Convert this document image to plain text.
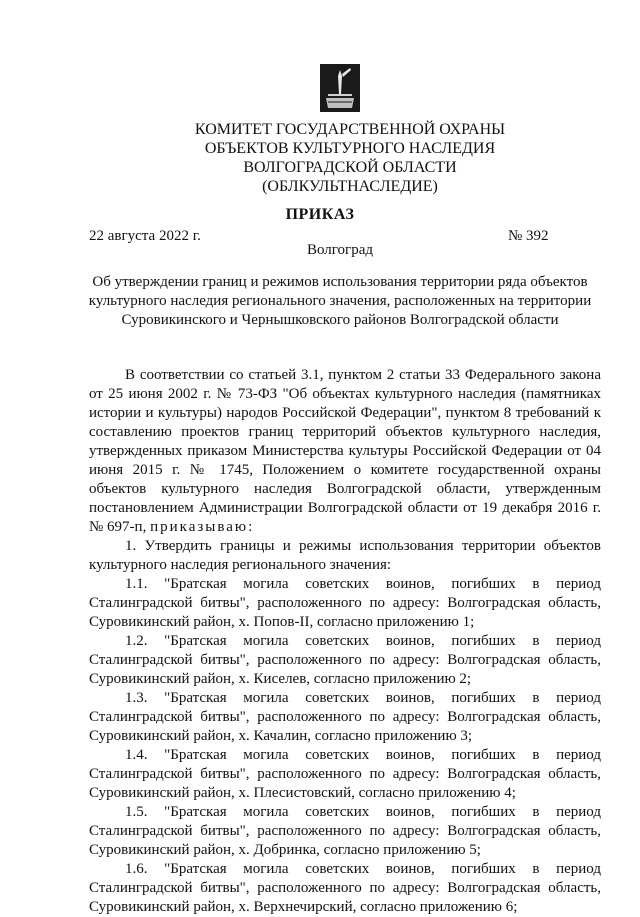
КОМИТЕТ ГОСУДАРСТВЕННОЙ ОХРАНЫ
ОБЪЕКТОВ КУЛЬТУРНОГО НАСЛЕДИЯ
ВОЛГОГРАДСКОЙ ОБЛАСТИ
(ОБЛКУЛЬТНАСЛЕДИЕ)
ПРИКАЗ
22 августа 2022 г.	№ 392
Волгоград
Об утверждении границ и режимов использования территории ряда объектов
культурного наследия регионального значения, расположенных на территории
Суровикинского и Чернышковского районов Волгоградской области

В соответствии со статьей 3.1, пунктом 2 статьи 33 Федерального закона от 25 июня 2002 г. № 73-ФЗ "Об объектах культурного наследия (памятниках истории и культуры) народов Российской Федерации", пунктом 8 требований к составлению проектов границ территорий объектов культурного наследия, утвержденных приказом Министерства культуры Российской Федерации от 04 июня 2015 г. № 1745, Положением о комитете государственной охраны объектов культурного наследия Волгоградской области, утвержденным постановлением Администрации Волгоградской области от 19 декабря 2016 г. № 697-п, приказываю:

1. Утвердить границы и режимы использования территории объектов культурного наследия регионального значения:

1.1. "Братская могила советских воинов, погибших в период Сталинградской битвы", расположенного по адресу: Волгоградская область, Суровикинский район, х. Попов-II, согласно приложению 1;

1.2. "Братская могила советских воинов, погибших в период Сталинградской битвы", расположенного по адресу: Волгоградская область, Суровикинский район, х. Киселев, согласно приложению 2;

1.3. "Братская могила советских воинов, погибших в период Сталинградской битвы", расположенного по адресу: Волгоградская область, Суровикинский район, х. Качалин, согласно приложению 3;

1.4. "Братская могила советских воинов, погибших в период Сталинградской битвы", расположенного по адресу: Волгоградская область, Суровикинский район, х. Плесистовский, согласно приложению 4;

1.5. "Братская могила советских воинов, погибших в период Сталинградской битвы", расположенного по адресу: Волгоградская область, Суровикинский район, х. Добринка, согласно приложению 5;

1.6. "Братская могила советских воинов, погибших в период Сталинградской битвы", расположенного по адресу: Волгоградская область, Суровикинский район, х. Верхнечирский, согласно приложению 6;
